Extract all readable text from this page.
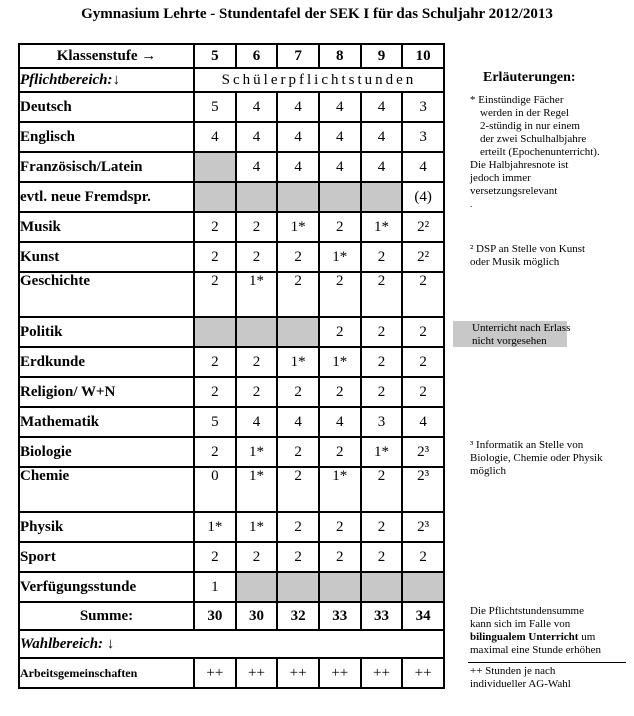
Gymnasium Lehrte - Stundentafel der SEK I für das Schuljahr 2012/2013
Klassenstufe →	5	6	7	8	9	10
Pflichtbereich:↓	Schülerpflichtstunden					
Deutsch	5	4	4	4	4	3
Englisch	4	4	4	4	4	3
Französisch/Latein		4	4	4	4	4
evtl. neue Fremdspr.						(4)
Musik	2	2	1*	2	1*	2²
Kunst	2	2	2	1*	2	2²
Geschichte	2	1*	2	2	2	2
Politik				2	2	2
Erdkunde	2	2	1*	1*	2	2
Religion/ W+N	2	2	2	2	2	2
Mathematik	5	4	4	4	3	4
Biologie	2	1*	2	2	1*	2³
Chemie	0	1*	2	1*	2	2³
Physik	1*	1*	2	2	2	2³
Sport	2	2	2	2	2	2
Verfügungsstunde	1					
Summe:	30	30	32	33	33	34
Wahlbereich: ↓						
Arbeitsgemeinschaften	++	++	++	++	++	++
Erläuterungen:
* Einstündige Fächer
werden in der Regel
2-stündig in nur einem
der zwei Schulhalbjahre
erteilt (Epochenunterricht).
Die Halbjahresnote ist
jedoch immer
versetzungsrelevant
.
² DSP an Stelle von Kunst
oder Musik möglich
Unterricht nach Erlass
nicht vorgesehen
³ Informatik an Stelle von
Biologie, Chemie oder Physik
möglich
Die Pflichtstundensumme
kann sich im Falle von
bilingualem Unterricht um
maximal eine Stunde erhöhen
++ Stunden je nach
individueller AG-Wahl
